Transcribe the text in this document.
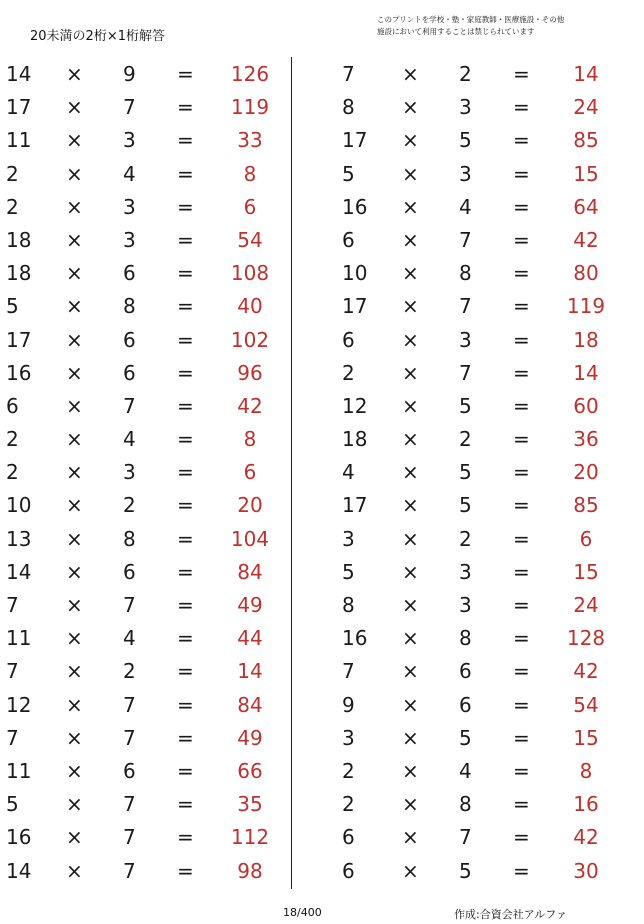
20未満の2桁×1桁解答
このプリントを学校・塾・家庭教師・医療施設・その他
施設において利用することは禁じられています
14	× 9	=	126
17	× 7	=	119
11	× 3	=	33
2	× 4	=	8
2	× 3	=	6
18	× 3	=	54
18	× 6	=	108
5	× 8	=	40
17	× 6	=	102
16	× 6	=	96
6	× 7	=	42
2	× 4	=	8
2	× 3	=	6
10	× 2	=	20
13	× 8	=	104
14	× 6	=	84
7	× 7	=	49
11	× 4	=	44
7	× 2	=	14
12	× 7	=	84
7	× 7	=	49
11	× 6	=	66
5	× 7	=	35
16	× 7	=	112
14	× 7	=	98
7	× 2	=	14
8	× 3	=	24
17	× 5	=	85
5	× 3	=	15
16	× 4	=	64
6	× 7	=	42
10	× 8	=	80
17	× 7	=	119
6	× 3	=	18
2	× 7	=	14
12	× 5	=	60
18	× 2	=	36
4	× 5	=	20
17	× 5	=	85
3	× 2	=	6
5	× 3	=	15
8	× 3	=	24
16	× 8	=	128
7	× 6	=	42
9	× 6	=	54
3	× 5	=	15
2	× 4	=	8
2	× 8	=	16
6	× 7	=	42
6	× 5	=	30
18/400	作成:合資会社アルファ
